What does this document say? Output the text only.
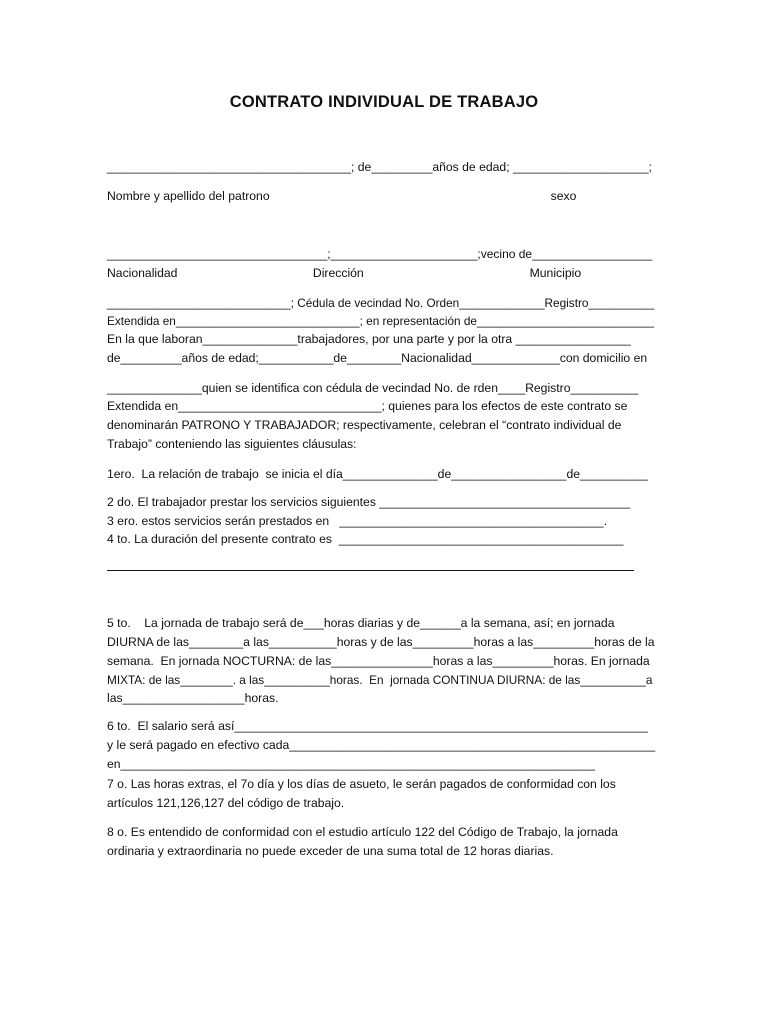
CONTRATO INDIVIDUAL DE TRABAJO

____________________________________; de_________años de edad; ____________________;

Nombre y apellido del patrono                                                                                   sexo

_________________________________;______________________;vecino de__________________

Nacionalidad                                        Dirección                                                 Municipio

____________________________; Cédula de vecindad No. Orden_____________Registro__________

Extendida en____________________________; en representación de___________________________

En la que laboran______________trabajadores, por una parte y por la otra _________________

de_________años de edad;___________de________Nacionalidad_____________con domicilio en

______________quien se identifica con cédula de vecindad No. de rden____Registro__________

Extendida en______________________________; quienes para los efectos de este contrato se

denominarán PATRONO Y TRABAJADOR; respectivamente, celebran el “contrato individual de

Trabajo” conteniendo las siguientes cláusulas:

1ero.  La relación de trabajo  se inicia el día______________de_________________de__________

2 do. El trabajador prestar los servicios siguientes _____________________________________

3 ero. estos servicios serán prestados en   _______________________________________.

4 to. La duración del presente contrato es  __________________________________________

5 to.    La jornada de trabajo será de___horas diarias y de______a la semana, así; en jornada

DIURNA de las________a las__________horas y de las_________horas a las_________horas de la

semana.  En jornada NOCTURNA: de las_______________horas a las_________horas. En jornada

MIXTA: de las________. a las__________horas.  En  jornada CONTINUA DIURNA: de las__________a

las__________________horas.

6 to.  El salario será así_____________________________________________________________

y le será pagado en efectivo cada______________________________________________________

en______________________________________________________________________

7 o. Las horas extras, el 7o día y los días de asueto, le serán pagados de conformidad con los

artículos 121,126,127 del código de trabajo.

8 o. Es entendido de conformidad con el estudio artículo 122 del Código de Trabajo, la jornada

ordinaria y extraordinaria no puede exceder de una suma total de 12 horas diarias.
